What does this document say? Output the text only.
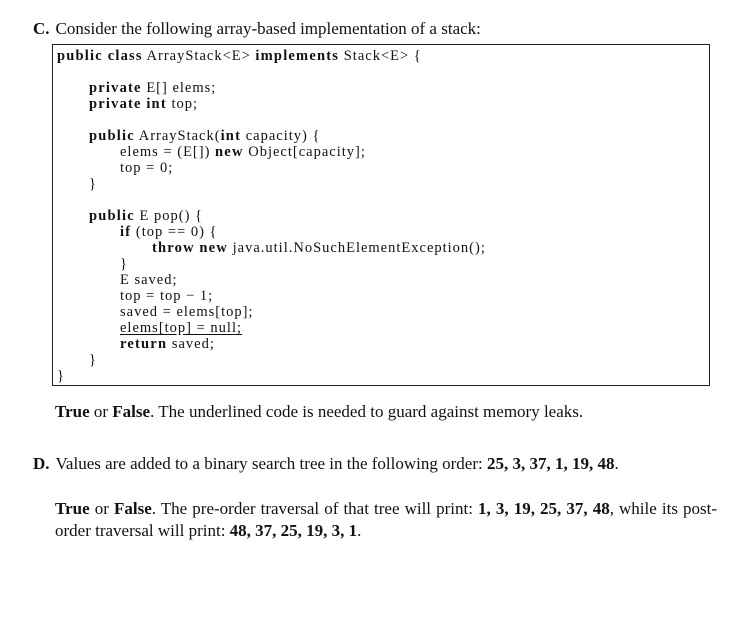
C. Consider the following array-based implementation of a stack:
public class ArrayStack<E> implements Stack<E> {
private E[] elems;
private int top;
public ArrayStack(int capacity) {
elems = (E[]) new Object[capacity];
top = 0;
}
public E pop() {
if (top == 0) {
throw new java.util.NoSuchElementException();
}
E saved;
top = top − 1;
saved = elems[top];
elems[top] = null;
return saved;
}
}
True or False. The underlined code is needed to guard against memory leaks.
D. Values are added to a binary search tree in the following order: 25, 3, 37, 1, 19, 48.
True or False. The pre-order traversal of that tree will print: 1, 3, 19, 25, 37, 48, while its post-order traversal will print: 48, 37, 25, 19, 3, 1.
